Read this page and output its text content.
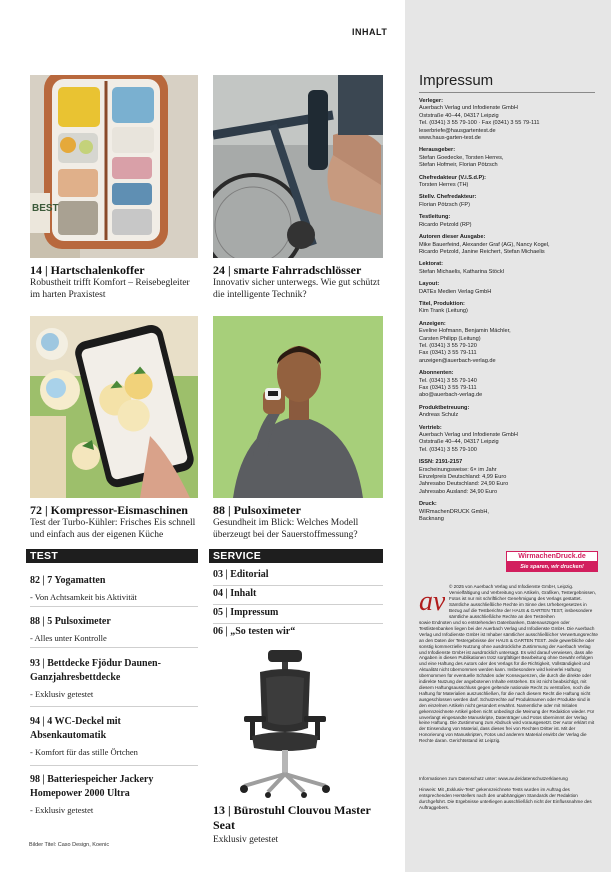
INHALT
BEST
14 | Hartschalenkoffer
Robustheit trifft Komfort – Reisebegleiter im harten Praxistest
24 | smarte Fahrradschlösser
Innovativ sicher unterwegs. Wie gut schützt die intelligente Technik?
72 | Kompressor-Eismaschinen
Test der Turbo-Kühler: Frisches Eis schnell und einfach aus der eigenen Küche
88 | Pulsoximeter
Gesundheit im Blick: Welches Modell überzeugt bei der Sauerstoffmessung?
TEST
82 | 7 Yogamatten
- Von Achtsamkeit bis Aktivität
88 | 5 Pulsoximeter
- Alles unter Kontrolle
93 | Bettdecke Fjödur Daunen-Ganzjahresbettdecke
- Exklusiv getestet
94 | 4 WC-Deckel mit Absenkautomatik
- Komfort für das stille Örtchen
98 | Batteriespeicher Jackery Homepower 2000 Ultra
- Exklusiv getestet
SERVICE
03 | Editorial
04 | Inhalt
05 | Impressum
06 | „So testen wir“
13 | Bürostuhl Clouvou Master Seat
Exklusiv getestet
Bilder Titel: Caso Design, Koenic
Impressum
Verleger:
Auerbach Verlag und Infodienste GmbH
Oststraße 40–44, 04317 Leipzig
Tel. (0341) 3 55 79-100 · Fax (0341) 3 55 79-111
leserbriefe@hausgartentest.de
www.haus-garten-test.de
Herausgeber:
Stefan Goedecke, Torsten Herres,
Stefan Hofmeir, Florian Pötzsch
Chefredakteur (V.i.S.d.P):
Torsten Herres (TH)
Stellv. Chefredakteur:
Florian Pötzsch (FP)
Testleitung:
Ricardo Petzold (RP)
Autoren dieser Ausgabe:
Mike Bauerfeind, Alexander Graf (AG), Nancy Kogel,
Ricardo Petzold, Janine Reichert, Stefan Michaelis
Lektorat:
Stefan Michaelis, Katharina Stöckl
Layout:
DATEs Medien Verlag GmbH
Titel, Produktion:
Kim Trank (Leitung)
Anzeigen:
Eveline Hofmann, Benjamin Mächler,
Carsten Philipp (Leitung)
Tel. (0341) 3 55 79-120
Fax (0341) 3 55 79-111
anzeigen@auerbach-verlag.de
Abonnenten:
Tel. (0341) 3 55 79-140
Fax (0341) 3 55 79-111
abo@auerbach-verlag.de
Produktbetreuung:
Andreas Schulz
Vertrieb:
Auerbach Verlag und Infodienste GmbH
Oststraße 40–44, 04317 Leipzig
Tel. (0341) 3 55 79-100
ISSN: 2191-2157
Erscheinungsweise: 6× im Jahr
Einzelpreis Deutschland: 4,99 Euro
Jahresabo Deutschland: 24,90 Euro
Jahresabo Ausland: 34,90 Euro
Druck:
WIRmachenDRUCK GmbH,
Backnang
WirmachenDruck.de
Sie sparen, wir drucken!
av © 2025 von Auerbach Verlag und Infodienste GmbH, Leipzig. Vervielfältigung und Verbreitung von Artikeln, Grafiken, Testergebnissen, Fotos ist nur mit schriftlicher Genehmigung des Verlags gestattet. Sämtliche ausschließliche Rechte im Sinne des Urhebergesetzes in Bezug auf die Testberichte der HAUS & GARTEN TEST, insbesondere sämtliche ausschließliche Rechte an den Testreihen
sowie Endnoten und so entstehenden Datenbanken, Datenauszügen oder Testlistenbanken liegen bei der Auerbach Verlag und Infodienste GmbH. Die Auerbach Verlag und Infodienste GmbH ist Inhaber sämtlicher ausschließlicher Verwertungsrechte an den Daten der Testergebnisse der HAUS & GARTEN TEST. Jede gewerbliche oder sonstig kommerzielle Nutzung ohne ausdrückliche Zustimmung der Auerbach Verlag und Infodienste GmbH ist ausdrücklich untersagt. Es wird darauf verwiesen, dass alle Angaben in diesen Publikationen trotz sorgfältiger Bearbeitung ohne Gewähr erfolgen und eine Haftung des Autors oder des Verlags für die Richtigkeit, Vollständigkeit und Aktualität nicht übernommen werden kann. Insbesondere wird keinerlei Haftung übernommen für eventuelle Schäden oder Konsequenzen, die durch die direkte oder indirekte Nutzung der angebotenen Inhalte entstehen. Es ist nicht beabsichtigt, mit diesem Haftungsausschluss gegen geltende nationale Recht zu verstoßen, noch die Haftung für Materialien auszuschließen, für die nach diesem Recht die Haftung nicht ausgeschlossen werden darf. Schutzrechte auf Produktnamen oder Produkte sind in den einzelnen Artikeln nicht gesondert erwähnt. Namentliche oder mit Initialen gekennzeichnete Artikel geben nicht unbedingt die Meinung der Redaktion wieder. Für unverlangt eingesandte Manuskripte, Datenträger und Fotos übernimmt der Verlag keine Haftung. Die Zustimmung zum Abdruck wird vorausgesetzt. Der Autor erklärt mit der Einsendung von Material, dass dieses frei von Rechten Dritter ist. Mit der Honorierung von Manuskripten, Fotos und anderem Material erwirbt der Verlag die Rechte daran. Gerichtsstand ist Leipzig.

Informationen zum Datenschutz unter: www.av.de/datenschutzerklaerung

Hinweis: Mit „Exklusiv-Test“ gekennzeichnete Tests wurden im Auftrag des entsprechenden Herstellers nach den unabhängigen Standards der Redaktion durchgeführt. Die Ergebnisse unterliegen ausschließlich nicht der Einflussnahme des Auftraggebers.
